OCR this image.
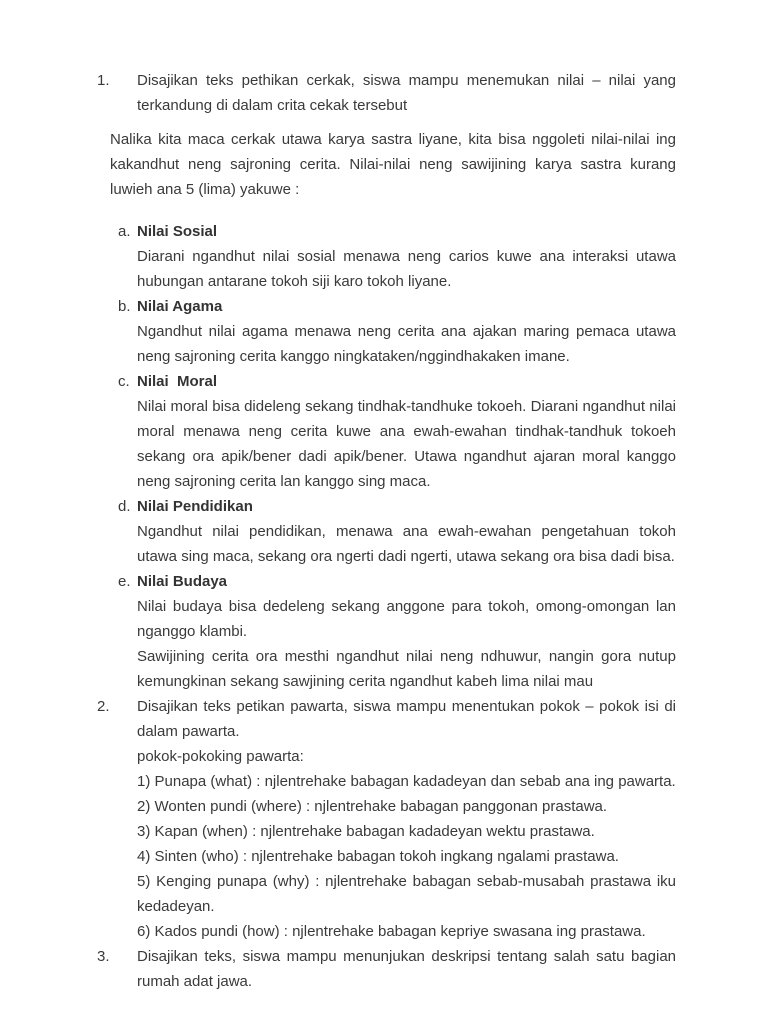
1.	Disajikan teks pethikan cerkak, siswa mampu menemukan nilai – nilai yang terkandung di dalam crita cekak tersebut
Nalika kita maca cerkak utawa karya sastra liyane, kita bisa nggoleti nilai-nilai ing kakandhut neng sajroning cerita. Nilai-nilai neng sawijining karya sastra kurang luwieh ana 5 (lima) yakuwe :
a. Nilai Sosial
Diarani ngandhut nilai sosial menawa neng carios kuwe ana interaksi utawa hubungan antarane tokoh siji karo tokoh liyane.
b. Nilai Agama
Ngandhut nilai agama menawa neng cerita ana ajakan maring pemaca utawa neng sajroning cerita kanggo ningkataken/nggindhakaken imane.
c. Nilai  Moral
Nilai moral bisa dideleng sekang tindhak-tandhuke tokoeh. Diarani ngandhut nilai moral menawa neng cerita kuwe ana ewah-ewahan tindhak-tandhuk tokoeh sekang ora apik/bener dadi apik/bener. Utawa ngandhut ajaran moral kanggo neng sajroning cerita lan kanggo sing maca.
d. Nilai Pendidikan
Ngandhut nilai pendidikan, menawa ana ewah-ewahan pengetahuan tokoh utawa sing maca, sekang ora ngerti dadi ngerti, utawa sekang ora bisa dadi bisa.
e. Nilai Budaya
Nilai budaya bisa dedeleng sekang anggone para tokoh, omong-omongan lan nganggo klambi.
Sawijining cerita ora mesthi ngandhut nilai neng ndhuwur, nangin gora nutup kemungkinan sekang sawjining cerita ngandhut kabeh lima nilai mau
2.	Disajikan teks petikan pawarta, siswa mampu menentukan pokok – pokok isi di dalam pawarta.
pokok-pokoking pawarta:
1) Punapa (what) : njlentrehake babagan kadadeyan dan sebab ana ing pawarta.
2) Wonten pundi (where) : njlentrehake babagan panggonan prastawa.
3) Kapan (when) : njlentrehake babagan kadadeyan wektu prastawa.
4) Sinten (who) : njlentrehake babagan tokoh ingkang ngalami prastawa.
5) Kenging punapa (why) : njlentrehake babagan sebab-musabah prastawa iku kedadeyan.
6) Kados pundi (how) : njlentrehake babagan kepriye swasana ing prastawa.
3.	Disajikan teks, siswa mampu menunjukan deskripsi tentang salah satu bagian rumah adat jawa.
